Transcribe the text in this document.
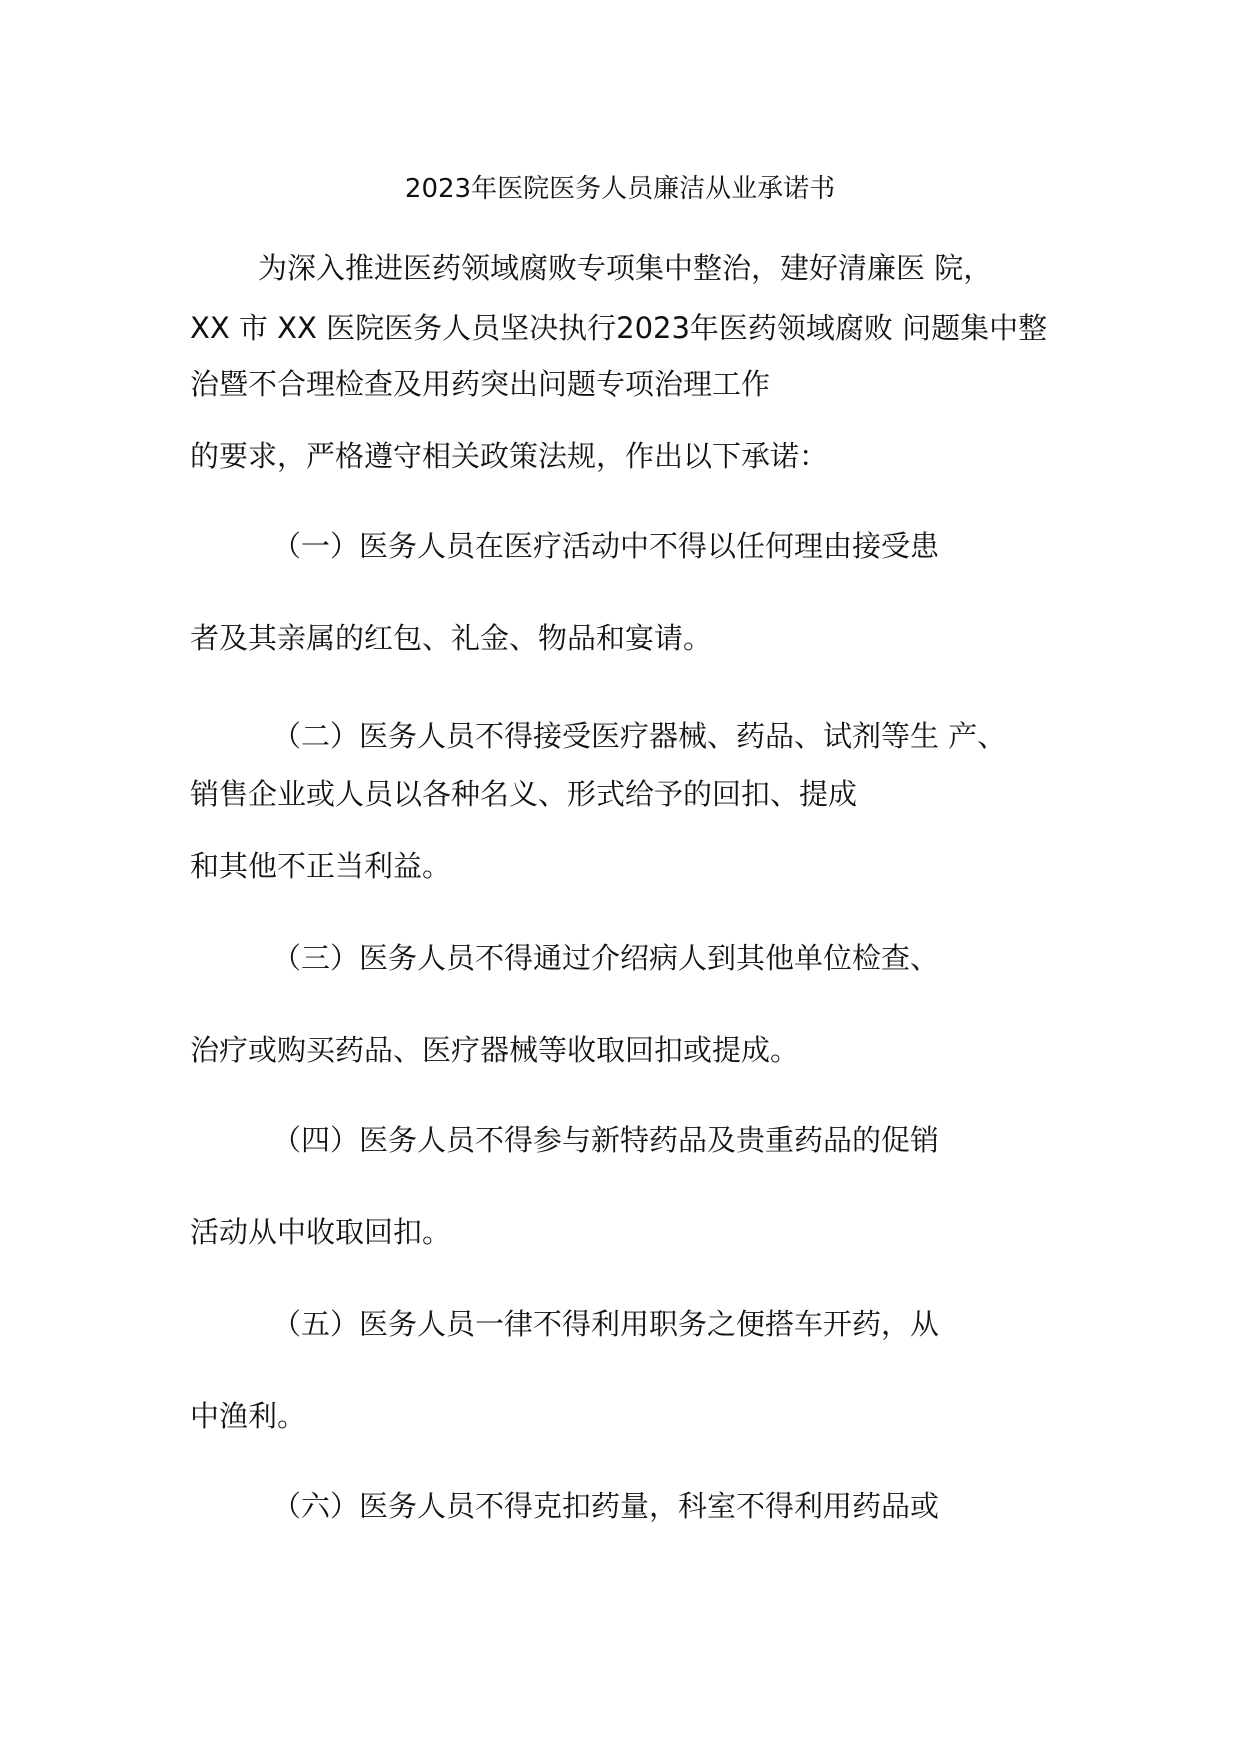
2023年医院医务人员廉洁从业承诺书
为深入推进医药领域腐败专项集中整治，建好清廉医 院，
XX 市 XX 医院医务人员坚决执行2023年医药领域腐败 问题集中整
治暨不合理检查及用药突出问题专项治理工作
的要求，严格遵守相关政策法规，作出以下承诺：
（一）医务人员在医疗活动中不得以任何理由接受患
者及其亲属的红包、礼金、物品和宴请。
（二）医务人员不得接受医疗器械、药品、试剂等生 产、
销售企业或人员以各种名义、形式给予的回扣、提成
和其他不正当利益。
（三）医务人员不得通过介绍病人到其他单位检查、
治疗或购买药品、医疗器械等收取回扣或提成。
（四）医务人员不得参与新特药品及贵重药品的促销
活动从中收取回扣。
（五）医务人员一律不得利用职务之便搭车开药，从
中渔利。
（六）医务人员不得克扣药量，科室不得利用药品或
